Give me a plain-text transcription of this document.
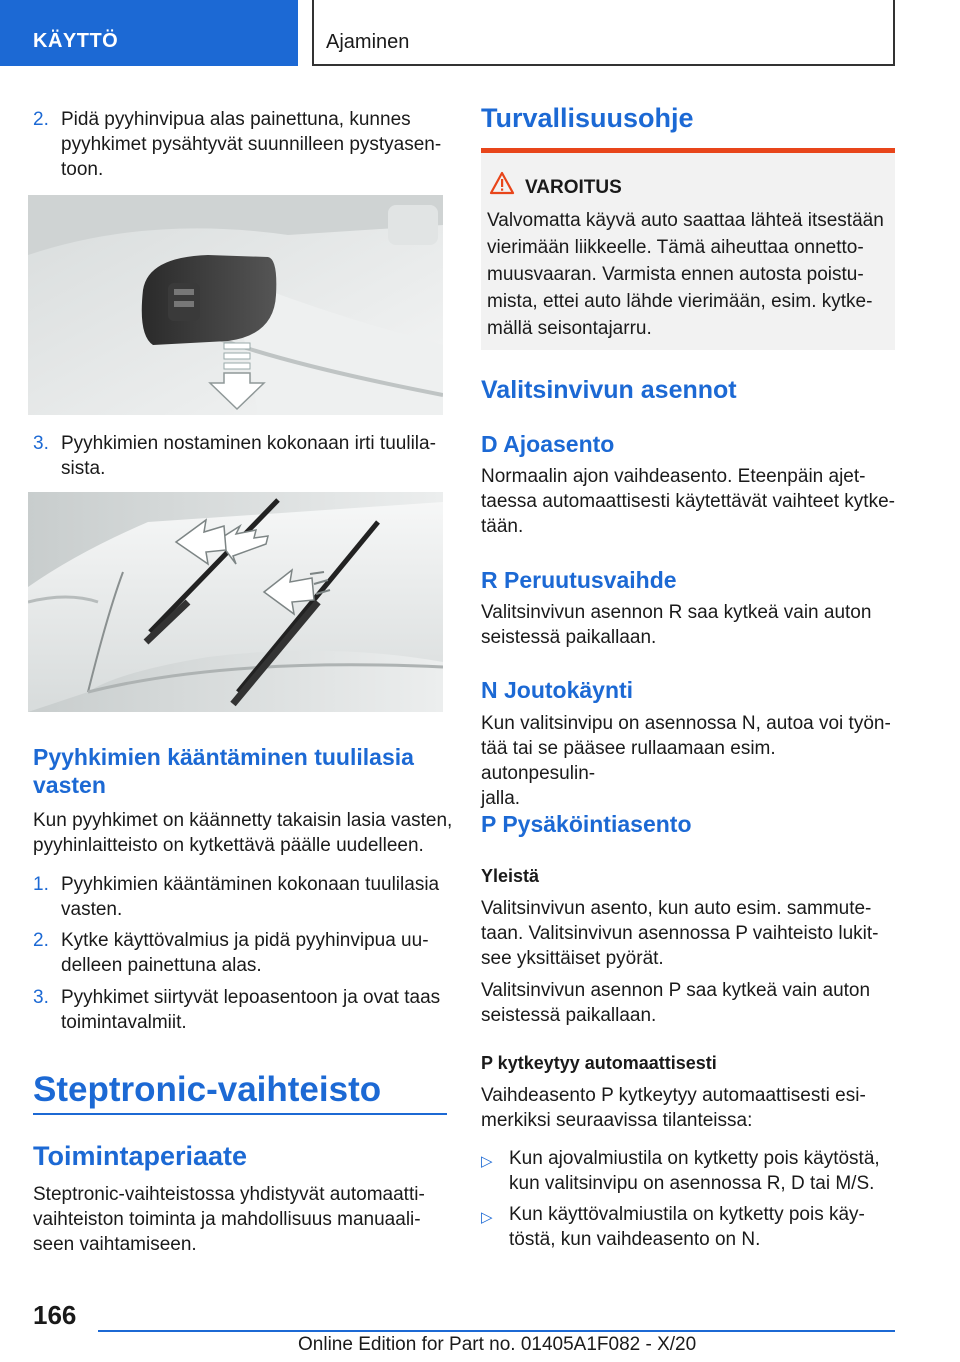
KÄYTTÖ	Ajaminen
2. Pidä pyyhinvipua alas painettuna, kunnes
pyyhkimet pysähtyvät suunnilleen pystyasen-
toon.
3. Pyyhkimien nostaminen kokonaan irti tuulila-
sista.
Pyyhkimien kääntäminen tuulilasia
vasten
Kun pyyhkimet on käännetty takaisin lasia vasten,
pyyhinlaitteisto on kytkettävä päälle uudelleen.
1. Pyyhkimien kääntäminen kokonaan tuulilasia
vasten.
2. Kytke käyttövalmius ja pidä pyyhinvipua uu-
delleen painettuna alas.
3. Pyyhkimet siirtyvät lepoasentoon ja ovat taas
toimintavalmiit.
Steptronic-vaihteisto
Toimintaperiaate
Steptronic-vaihteistossa yhdistyvät automaatti-
vaihteiston toiminta ja mahdollisuus manuaali-
seen vaihtamiseen.
Turvallisuusohje
VAROITUS
Valvomatta käyvä auto saattaa lähteä itsestään
vierimään liikkeelle. Tämä aiheuttaa onnetto-
muusvaaran. Varmista ennen autosta poistu-
mista, ettei auto lähde vierimään, esim. kytke-
mällä seisontajarru.
Valitsinvivun asennot
D Ajoasento
Normaalin ajon vaihdeasento. Eteenpäin ajet-
taessa automaattisesti käytettävät vaihteet kytke-
tään.
R Peruutusvaihde
Valitsinvivun asennon R saa kytkeä vain auton
seistessä paikallaan.
N Joutokäynti
Kun valitsinvipu on asennossa N, autoa voi työn-
tää tai se pääsee rullaamaan esim. autonpesulin-
jalla.
P Pysäköintiasento
Yleistä
Valitsinvivun asento, kun auto esim. sammute-
taan. Valitsinvivun asennossa P vaihteisto lukit-
see yksittäiset pyörät.
Valitsinvivun asennon P saa kytkeä vain auton
seistessä paikallaan.
P kytkeytyy automaattisesti
Vaihdeasento P kytkeytyy automaattisesti esi-
merkiksi seuraavissa tilanteissa:
▷ Kun ajovalmiustila on kytketty pois käytöstä,
kun valitsinvipu on asennossa R, D tai M/S.
▷ Kun käyttövalmiustila on kytketty pois käy-
töstä, kun vaihdeasento on N.
166
Online Edition for Part no. 01405A1F082 - X/20
